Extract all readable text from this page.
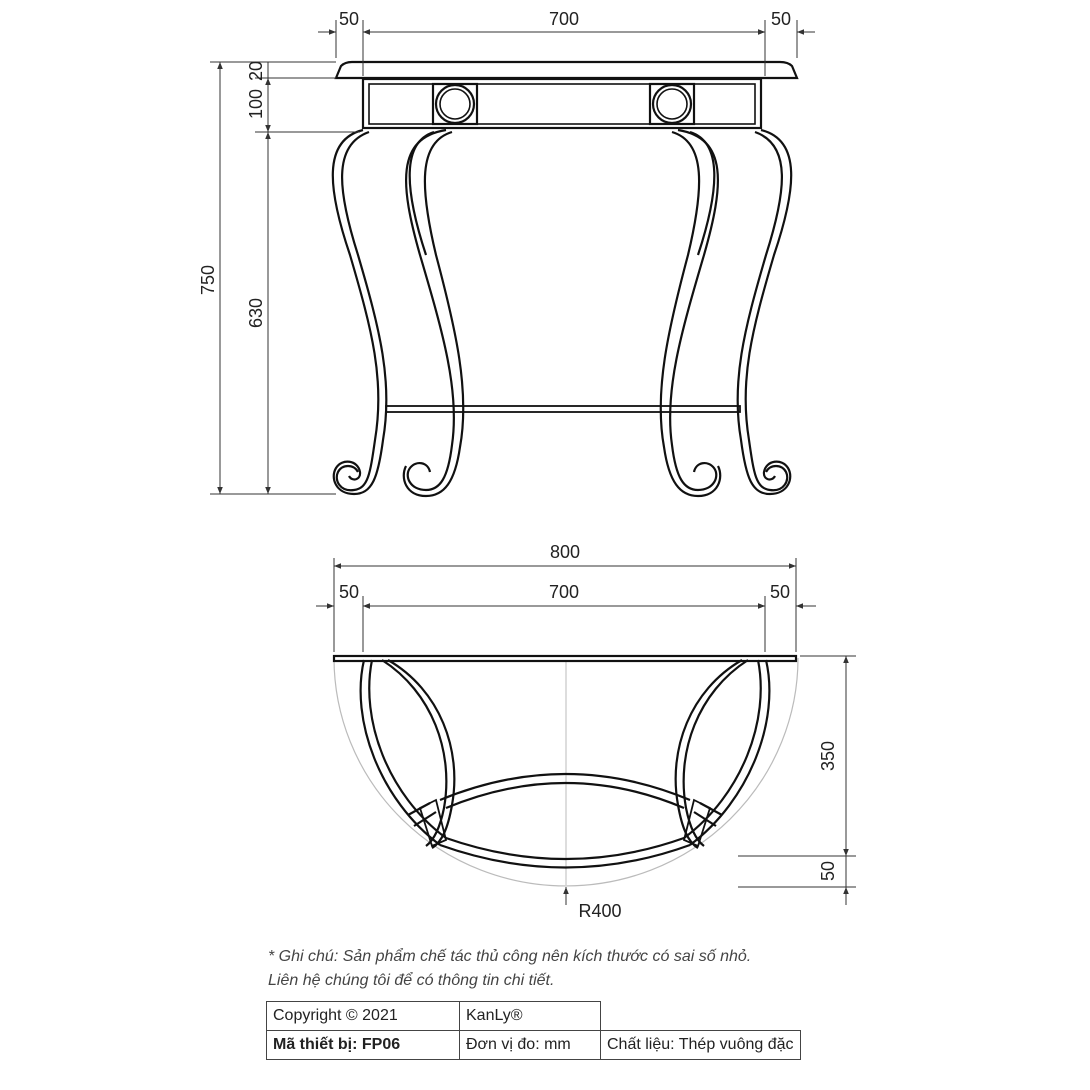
50	700	50
20
100
630
750
800
50	700	50
350
50
R400
* Ghi chú: Sản phẩm chế tác thủ công nên kích thước có sai số nhỏ.
Liên hệ chúng tôi để có thông tin chi tiết.
Copyright © 2021	KanLy®	
Mã thiết bị: FP06	Đơn vị đo: mm	Chất liệu: Thép vuông đặc
